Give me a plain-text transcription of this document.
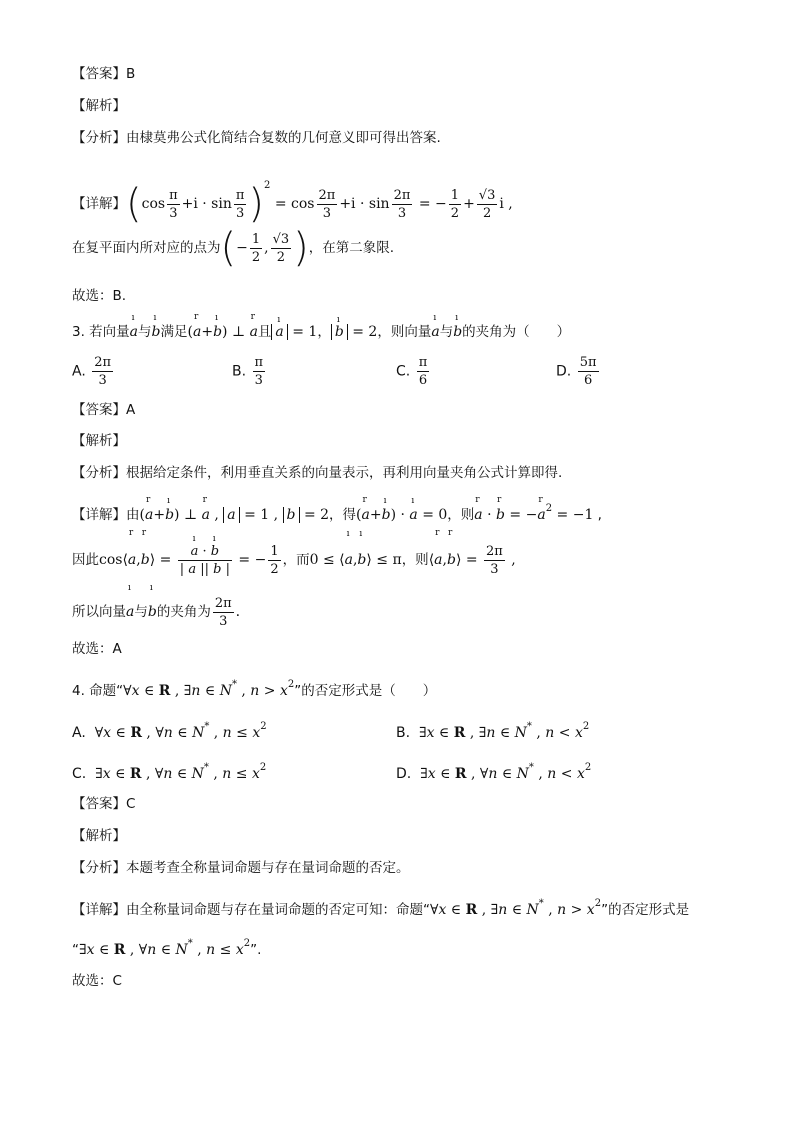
【答案】B
【解析】
【分析】由棣莫弗公式化简结合复数的几何意义即可得出答案.
【详解】$(\cos \frac{\pi}{3} +i \cdot \sin \frac{\pi}{3} )^2 = \cos \frac{2\pi}{3} +i \cdot \sin \frac{2\pi}{3}$ = − $\frac{1}{2} + \frac{√3}{2}$ i ,
在复平面内所对应的点为(− $\frac{1}{2}$ , $\frac{√3}{2}$ )，在第二象限.
故选：B.
3. 若向量ı a与ı b满足(r a+ı b) ⊥ r a且 ı a = 1， ı b = 2，则向量ı a与ı b的夹角为（　　）
A. $\frac{2\pi}{3}$	B. $\frac{\pi}{3}$	C. $\frac{\pi}{6}$	D. $\frac{5\pi}{6}$
【答案】A
【解析】
【分析】根据给定条件，利用垂直关系的向量表示，再利用向量夹角公式计算即得.
【详解】由(r a+ı b) ⊥ r a , a = 1 , b = 2，得(r a+ı b) · ı a = 0，则r a · r b = −r $a^2 = -1$ ,
因此cos⟨r a,r b⟩ = ı $\frac{\text{a · ı b}}{| a || b |}$ = − $\frac{1}{2}$ ，而0 ≤ ⟨ı a,ı b⟩ ≤ π，则⟨r a,r b⟩ = $\frac{2\pi}{3}$ ,
所以向量ı a与ı b的夹角为 $\frac{2\pi}{3}$ .
故选：A
4. 命题“∀x ∈ R , ∃n ∈ N* , $n > x^2$”的否定形式是（　　）
A. ∀x ∈ R , ∀n ∈ N* , $n \le x^2$	B. ∃x ∈ R , ∃n ∈ N* , $n < x^2$
C. ∃x ∈ R , ∀n ∈ N* , $n \le x^2$	D. ∃x ∈ R , ∀n ∈ N* , $n < x^2$
【答案】C
【解析】
【分析】本题考查全称量词命题与存在量词命题的否定。
【详解】由全称量词命题与存在量词命题的否定可知：命题“∀x ∈ R , ∃n ∈ N* , $n > x^2$”的否定形式是
“∃x ∈ R , ∀n ∈ N* , $n \le x^2$”.
故选：C
